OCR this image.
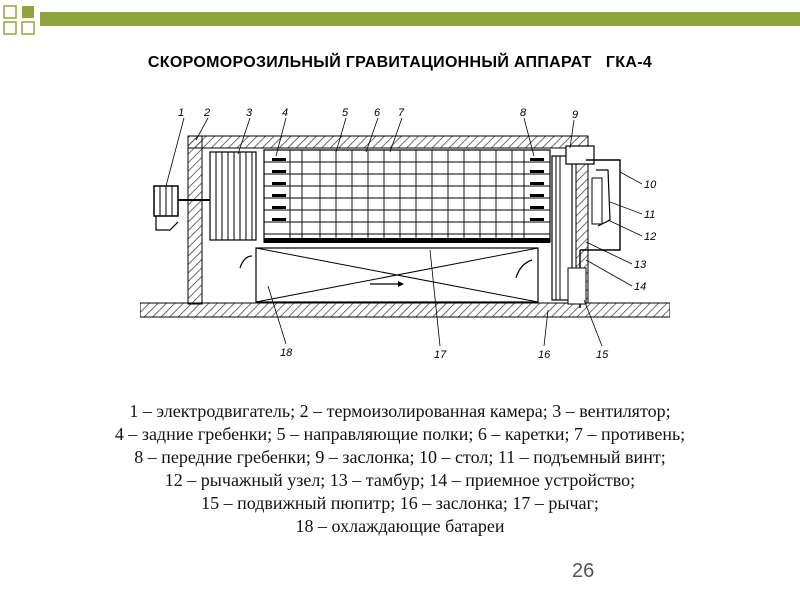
СКОРОМОРОЗИЛЬНЫЙ ГРАВИТАЦИОННЫЙ АППАРАТ   ГКА-4
1 2	3	4	5 6 7	8	9
10
11
12
13
14
15
16
17
18
1 – электродвигатель; 2 – термоизолированная камера; 3 – вентилятор;
4 – задние гребенки; 5 – направляющие полки; 6 – каретки; 7 – противень;
8 – передние гребенки; 9 – заслонка; 10 – стол; 11 – подъемный винт;
12 – рычажный узел; 13 – тамбур; 14 – приемное устройство;
15 – подвижный пюпитр; 16 – заслонка; 17 – рычаг;
18 – охлаждающие батареи
26
